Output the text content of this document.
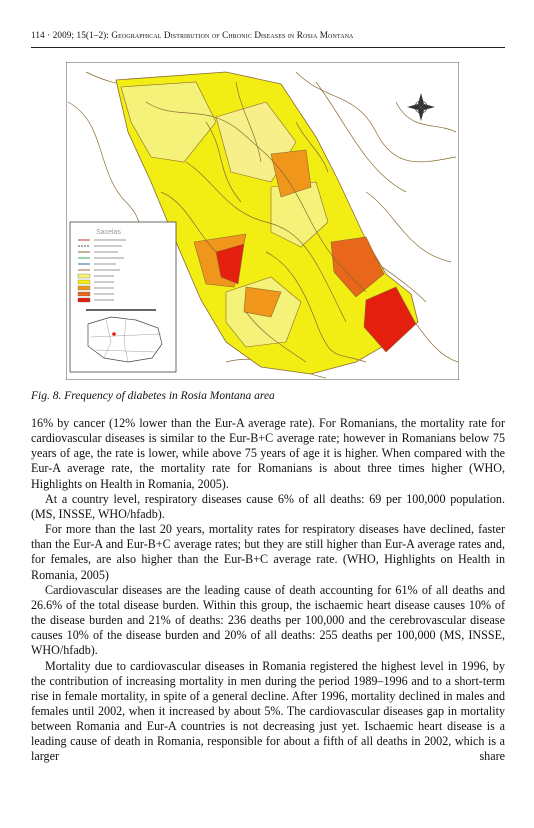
114 · 2009; 15(1–2): Geographical Distribution of Chronic Diseases in Rosia Montana
Sacelas
Fig. 8. Frequency of diabetes in Rosia Montana area

16% by cancer (12% lower than the Eur-A average rate). For Romanians, the mortality rate for cardiovascular diseases is similar to the Eur-B+C average rate; however in Romanians below 75 years of age, the rate is lower, while above 75 years of age it is higher. When compared with the Eur-A average rate, the mortality rate for Romanians is about three times higher (WHO, Highlights on Health in Romania, 2005).

At a country level, respiratory diseases cause 6% of all deaths: 69 per 100,000 population. (MS, INSSE, WHO/hfadb).

For more than the last 20 years, mortality rates for respiratory diseases have declined, faster than the Eur-A and Eur-B+C average rates; but they are still higher than Eur-A average rates and, for females, are also higher than the Eur-B+C average rate. (WHO, Highlights on Health in Romania, 2005)

Cardiovascular diseases are the leading cause of death accounting for 61% of all deaths and 26.6% of the total disease burden. Within this group, the ischaemic heart disease causes 10% of the disease burden and 21% of deaths: 236 deaths per 100,000 and the cerebrovascular disease causes 10% of the disease burden and 20% of all deaths: 255 deaths per 100,000 (MS, INSSE, WHO/hfadb).

Mortality due to cardiovascular diseases in Romania registered the highest level in 1996, by the contribution of increasing mortality in men during the period 1989–1996 and to a short-term rise in female mortality, in spite of a general decline. After 1996, mortality declined in males and females until 2002, when it increased by about 5%. The cardiovascular diseases gap in mortality between Romania and Eur-A countries is not decreasing just yet. Ischaemic heart disease is a leading cause of death in Romania, responsible for about a fifth of all deaths in 2002, which is a larger share
